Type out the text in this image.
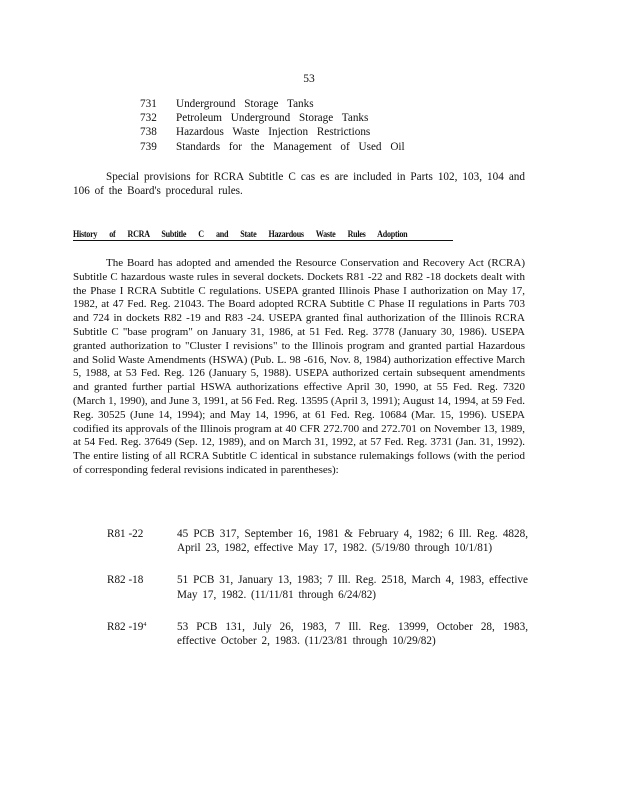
53
731	Underground Storage Tanks
732	Petroleum Underground Storage Tanks
738	Hazardous Waste Injection Restrictions
739	Standards for the Management of Used Oil

Special provisions for RCRA Subtitle C cas es are included in Parts 102, 103, 104 and 106 of the Board's procedural rules.

History of RCRA Subtitle C and State Hazardous Waste Rules Adoption

The Board has adopted and amended the Resource Conservation and Recovery Act (RCRA) Subtitle C hazardous waste rules in several dockets. Dockets R81 -22 and R82 -18 dockets dealt with the Phase I RCRA Subtitle C regulations. USEPA granted Illinois Phase I authorization on May 17, 1982, at 47 Fed. Reg. 21043. The Board adopted RCRA Subtitle C Phase II regulations in Parts 703 and 724 in dockets R82 -19 and R83 -24. USEPA granted final authorization of the Illinois RCRA Subtitle C "base program" on January 31, 1986, at 51 Fed. Reg. 3778 (January 30, 1986). USEPA granted authorization to "Cluster I revisions" to the Illinois program and granted partial Hazardous and Solid Waste Amendments (HSWA) (Pub. L. 98 -616, Nov. 8, 1984) authorization effective March 5, 1988, at 53 Fed. Reg. 126 (January 5, 1988). USEPA authorized certain subsequent amendments and granted further partial HSWA authorizations effective April 30, 1990, at 55 Fed. Reg. 7320 (March 1, 1990), and June 3, 1991, at 56 Fed. Reg. 13595 (April 3, 1991); August 14, 1994, at 59 Fed. Reg. 30525 (June 14, 1994); and May 14, 1996, at 61 Fed. Reg. 10684 (Mar. 15, 1996). USEPA codified its approvals of the Illinois program at 40 CFR 272.700 and 272.701 on November 13, 1989, at 54 Fed. Reg. 37649 (Sep. 12, 1989), and on March 31, 1992, at 57 Fed. Reg. 3731 (Jan. 31, 1992). The entire listing of all RCRA Subtitle C identical in substance rulemakings follows (with the period of corresponding federal revisions indicated in parentheses):

R81 -22	45 PCB 317, September 16, 1981 & February 4, 1982; 6 Ill. Reg. 4828, April 23, 1982, effective May 17, 1982. (5/19/80 through 10/1/81)
R82 -18	51 PCB 31, January 13, 1983; 7 Ill. Reg. 2518, March 4, 1983, effective May 17, 1982. (11/11/81 through 6/24/82)
R82 $-19^4$	53 PCB 131, July 26, 1983, 7 Ill. Reg. 13999, October 28, 1983, effective October 2, 1983. (11/23/81 through 10/29/82)
